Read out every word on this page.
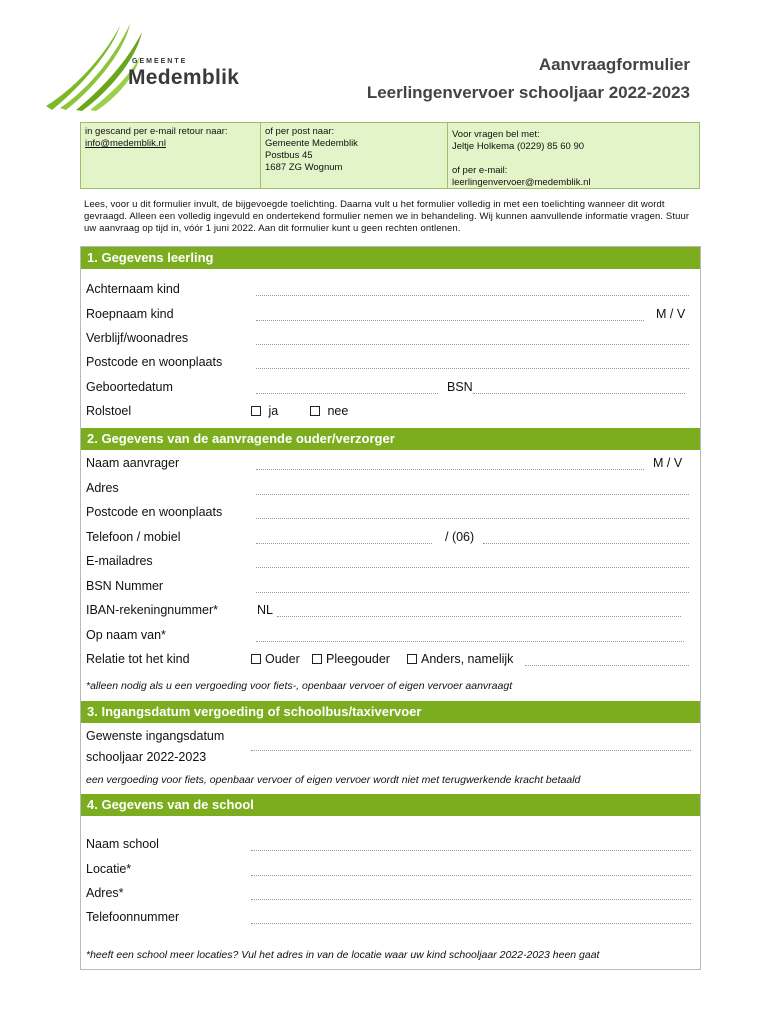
GEMEENTE
Medemblik
Aanvraagformulier
Leerlingenvervoer schooljaar 2022-2023
in gescand per e-mail retour naar:
info@medemblik.nl
of per post naar:
Gemeente Medemblik
Postbus 45
1687 ZG Wognum
Voor vragen bel met:
Jeltje Holkema (0229) 85 60 90
of per e-mail:
leerlingenvervoer@medemblik.nl
Lees, voor u dit formulier invult, de bijgevoegde toelichting. Daarna vult u het formulier volledig in met een toelichting wanneer dit wordt gevraagd. Alleen een volledig ingevuld en ondertekend formulier nemen we in behandeling. Wij kunnen aanvullende informatie vragen. Stuur uw aanvraag op tijd in, vóór 1 juni 2022. Aan dit formulier kunt u geen rechten ontlenen.
1. Gegevens leerling
Achternaam kind
Roepnaam kind	M / V
Verblijf/woonadres
Postcode en woonplaats
Geboortedatum	BSN
Rolstoel	ja	nee
2. Gegevens van de aanvragende ouder/verzorger
Naam aanvrager	M / V
Adres
Postcode en woonplaats
Telefoon / mobiel	/ (06)
E-mailadres
BSN Nummer
IBAN-rekeningnummer*	NL
Op naam van*
Relatie tot het kind	Ouder	Pleegouder	Anders, namelijk
*alleen nodig als u een vergoeding voor fiets-, openbaar vervoer of eigen vervoer aanvraagt
3. Ingangsdatum vergoeding of schoolbus/taxivervoer
Gewenste ingangsdatum
schooljaar 2022-2023
een vergoeding voor fiets, openbaar vervoer of eigen vervoer wordt niet met terugwerkende kracht betaald
4. Gegevens van de school
Naam school
Locatie*
Adres*
Telefoonnummer
*heeft een school meer locaties? Vul het adres in van de locatie waar uw kind schooljaar 2022-2023 heen gaat
